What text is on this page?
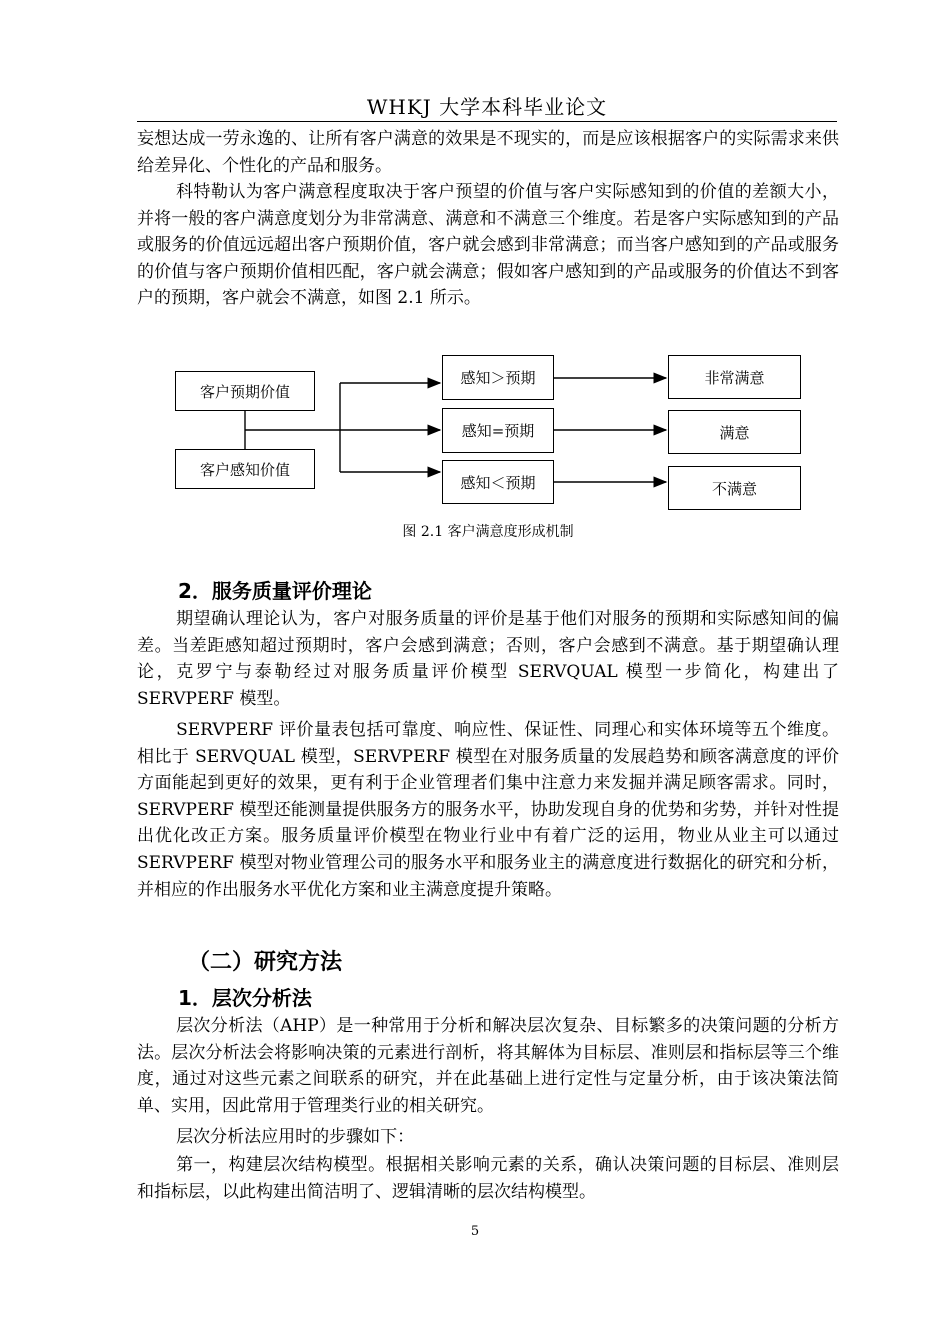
WHKJ 大学本科毕业论文

妄想达成一劳永逸的、让所有客户满意的效果是不现实的，而是应该根据客户的实际需求来供给差异化、个性化的产品和服务。

科特勒认为客户满意程度取决于客户预望的价值与客户实际感知到的价值的差额大小，并将一般的客户满意度划分为非常满意、满意和不满意三个维度。若是客户实际感知到的产品或服务的价值远远超出客户预期价值，客户就会感到非常满意；而当客户感知到的产品或服务的价值与客户预期价值相匹配，客户就会满意；假如客户感知到的产品或服务的价值达不到客户的预期，客户就会不满意，如图 2.1 所示。

客户预期价值
客户感知价值
感知＞预期
感知=预期
感知＜预期
非常满意
满意
不满意
图 2.1 客户满意度形成机制
2．服务质量评价理论

期望确认理论认为，客户对服务质量的评价是基于他们对服务的预期和实际感知间的偏差。当差距感知超过预期时，客户会感到满意；否则，客户会感到不满意。基于期望确认理论，克罗宁与泰勒经过对服务质量评价模型 SERVQUAL 模型一步简化，构建出了 SERVPERF 模型。

SERVPERF 评价量表包括可靠度、响应性、保证性、同理心和实体环境等五个维度。相比于 SERVQUAL 模型，SERVPERF 模型在对服务质量的发展趋势和顾客满意度的评价方面能起到更好的效果，更有利于企业管理者们集中注意力来发掘并满足顾客需求。同时，SERVPERF 模型还能测量提供服务方的服务水平，协助发现自身的优势和劣势，并针对性提出优化改正方案。服务质量评价模型在物业行业中有着广泛的运用，物业从业主可以通过 SERVPERF 模型对物业管理公司的服务水平和服务业主的满意度进行数据化的研究和分析，并相应的作出服务水平优化方案和业主满意度提升策略。

（二）研究方法
1．层次分析法

层次分析法（AHP）是一种常用于分析和解决层次复杂、目标繁多的决策问题的分析方法。层次分析法会将影响决策的元素进行剖析，将其解体为目标层、准则层和指标层等三个维度，通过对这些元素之间联系的研究，并在此基础上进行定性与定量分析，由于该决策法简单、实用，因此常用于管理类行业的相关研究。

层次分析法应用时的步骤如下：

第一，构建层次结构模型。根据相关影响元素的关系，确认决策问题的目标层、准则层和指标层，以此构建出简洁明了、逻辑清晰的层次结构模型。

5
